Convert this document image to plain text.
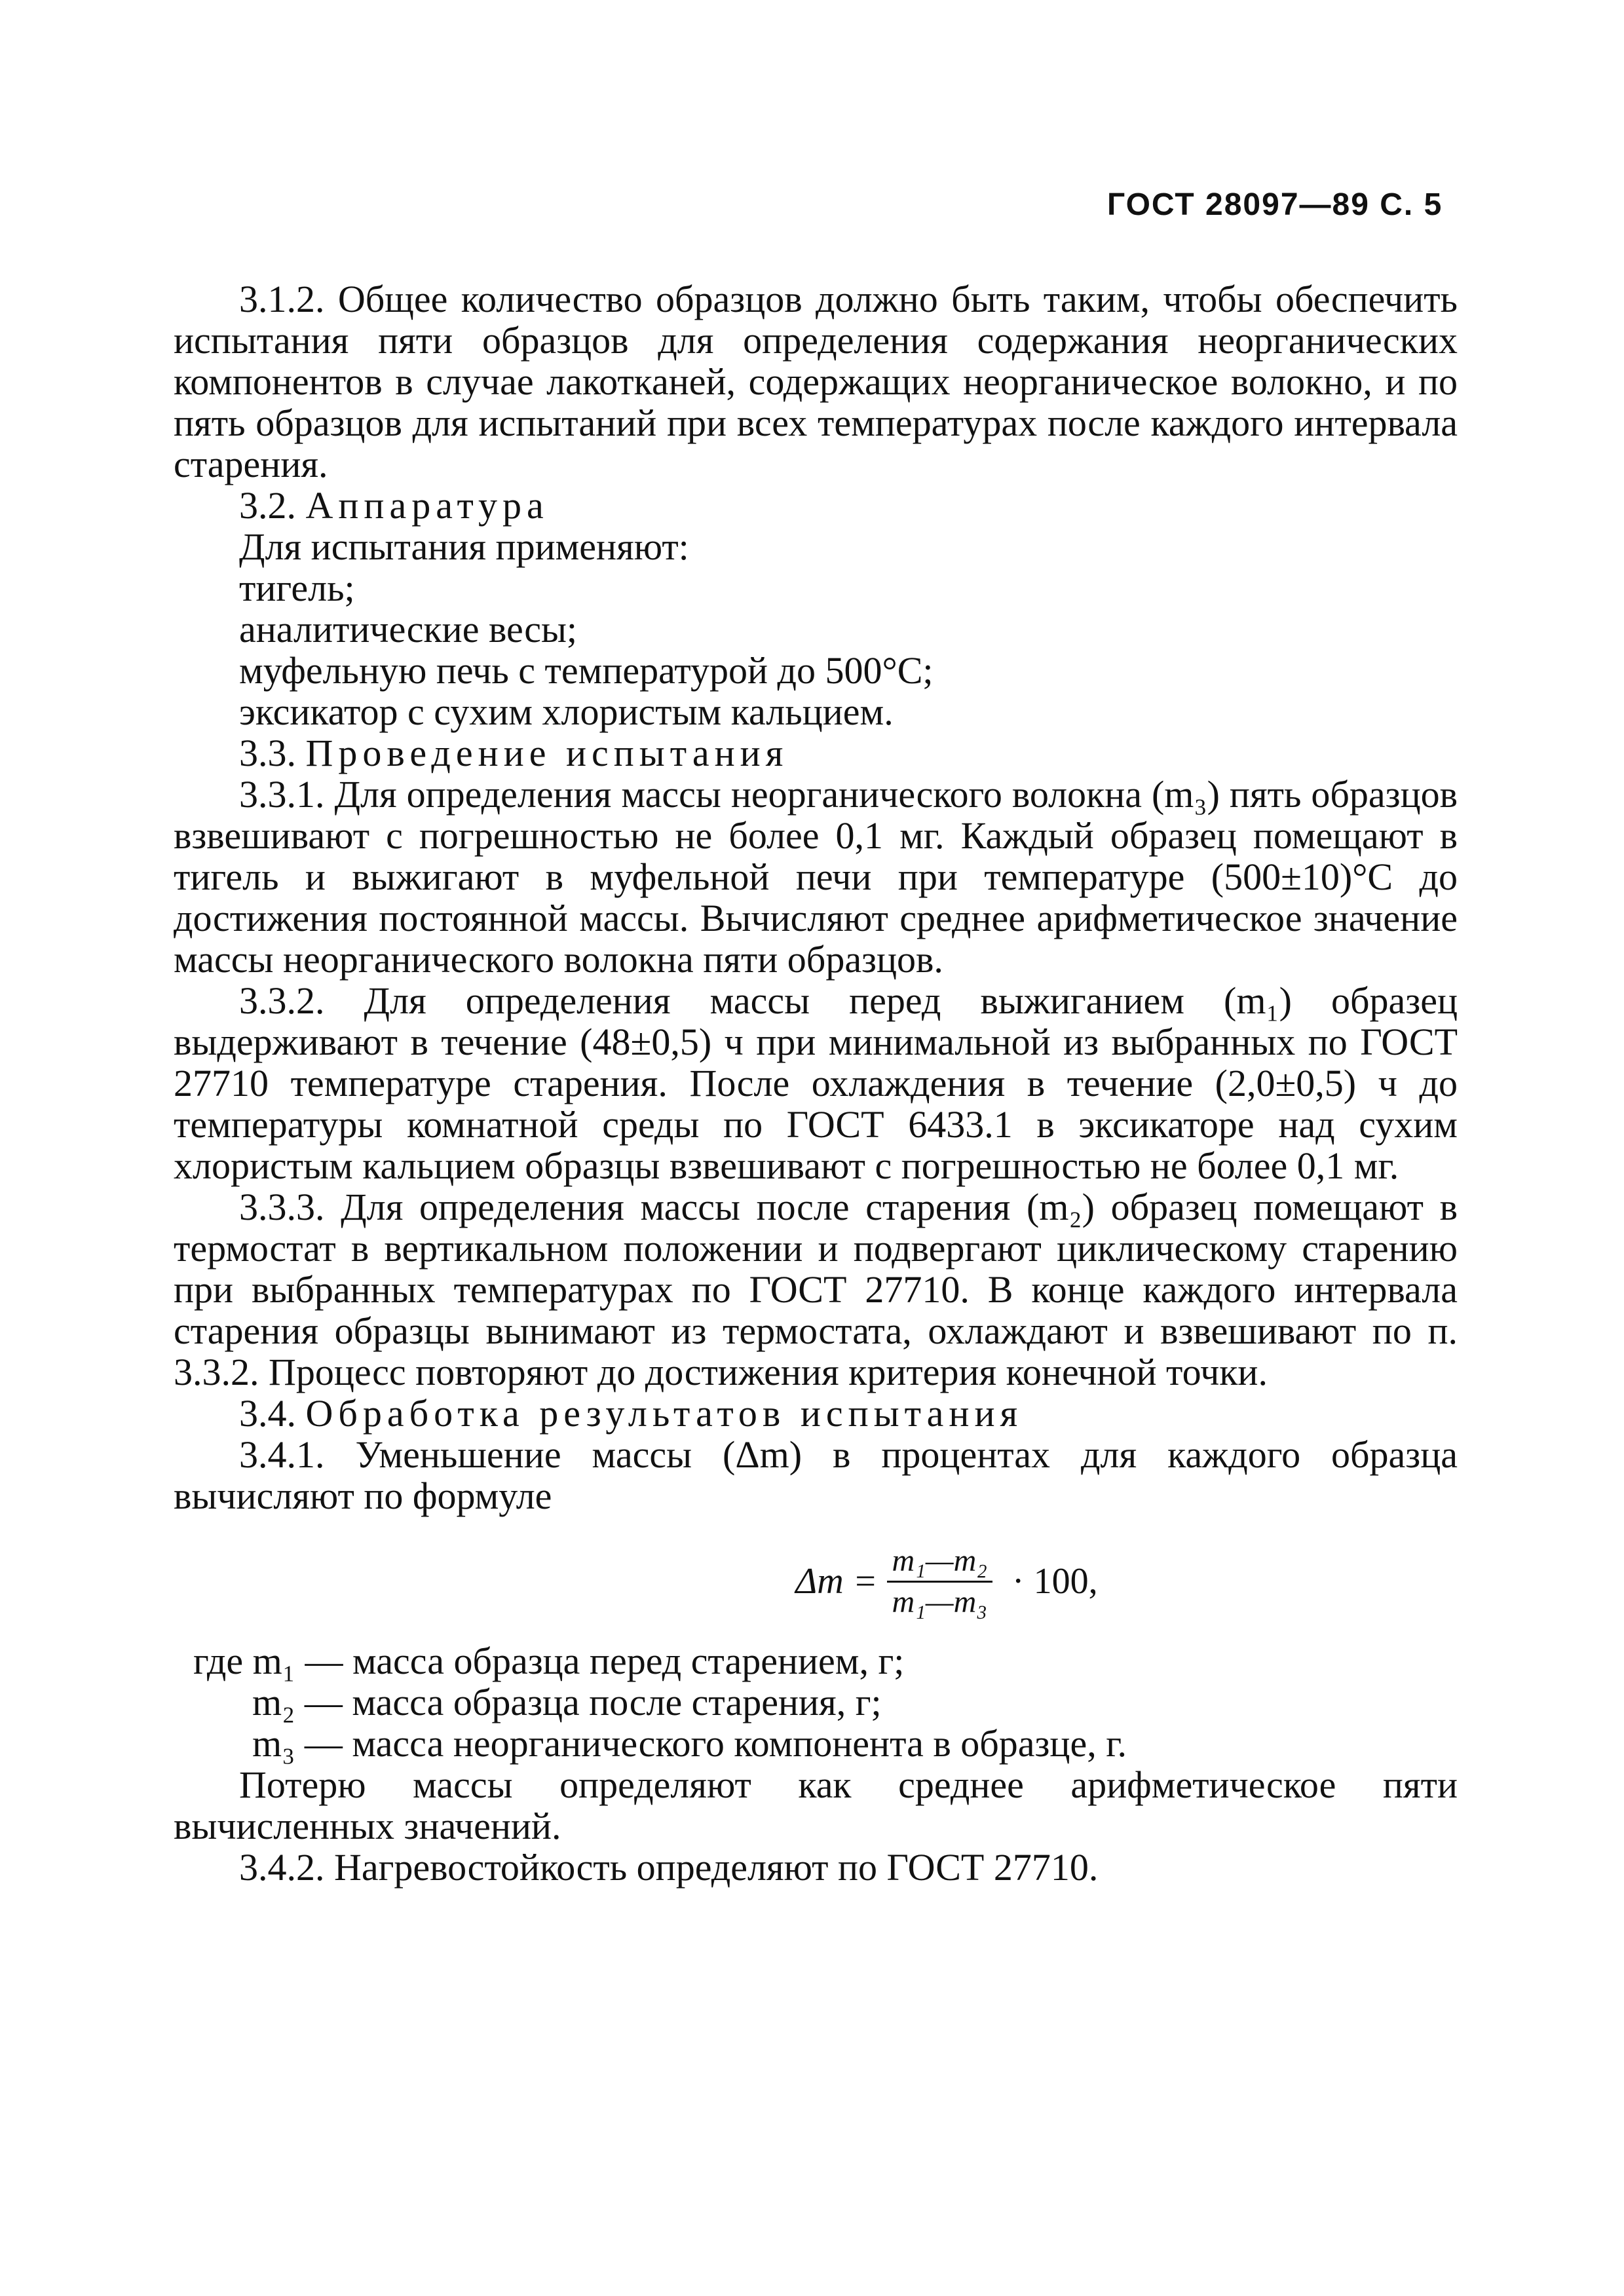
ГОСТ 28097—89 С. 5

3.1.2. Общее количество образцов должно быть таким, чтобы обеспечить испытания пяти образцов для определения содержания неорганических компонентов в случае лакотканей, содержащих неорганическое волокно, и по пять образцов для испытаний при всех температурах после каждого интервала старения.

3.2. Аппаратура

Для испытания применяют:

тигель;

аналитические весы;

муфельную печь с температурой до 500°С;

эксикатор с сухим хлористым кальцием.

3.3. Проведение испытания

3.3.1. Для определения массы неорганического волокна (m₃) пять образцов взвешивают с погрешностью не более 0,1 мг. Каждый образец помещают в тигель и выжигают в муфельной печи при температуре (500±10)°С до достижения постоянной массы. Вычисляют среднее арифметическое значение массы неорганического волокна пяти образцов.

3.3.2. Для определения массы перед выжиганием (m₁) образец выдерживают в течение (48±0,5) ч при минимальной из выбранных по ГОСТ 27710 температуре старения. После охлаждения в течение (2,0±0,5) ч до температуры комнатной среды по ГОСТ 6433.1 в эксикаторе над сухим хлористым кальцием образцы взвешивают с погрешностью не более 0,1 мг.

3.3.3. Для определения массы после старения (m₂) образец помещают в термостат в вертикальном положении и подвергают циклическому старению при выбранных температурах по ГОСТ 27710. В конце каждого интервала старения образцы вынимают из термостата, охлаждают и взвешивают по п. 3.3.2. Процесс повторяют до достижения критерия конечной точки.

3.4. Обработка результатов испытания

3.4.1. Уменьшение массы (Δm) в процентах для каждого образца вычисляют по формуле

$\Delta m = \frac{\text{m₁—m₂}}{\text{m₁—m₃}} \cdot 100$,

где m₁ — масса образца перед старением, г;

m₂ — масса образца после старения, г;

m₃ — масса неорганического компонента в образце, г.

Потерю массы определяют как среднее арифметическое пяти вычисленных значений.

3.4.2. Нагревостойкость определяют по ГОСТ 27710.
